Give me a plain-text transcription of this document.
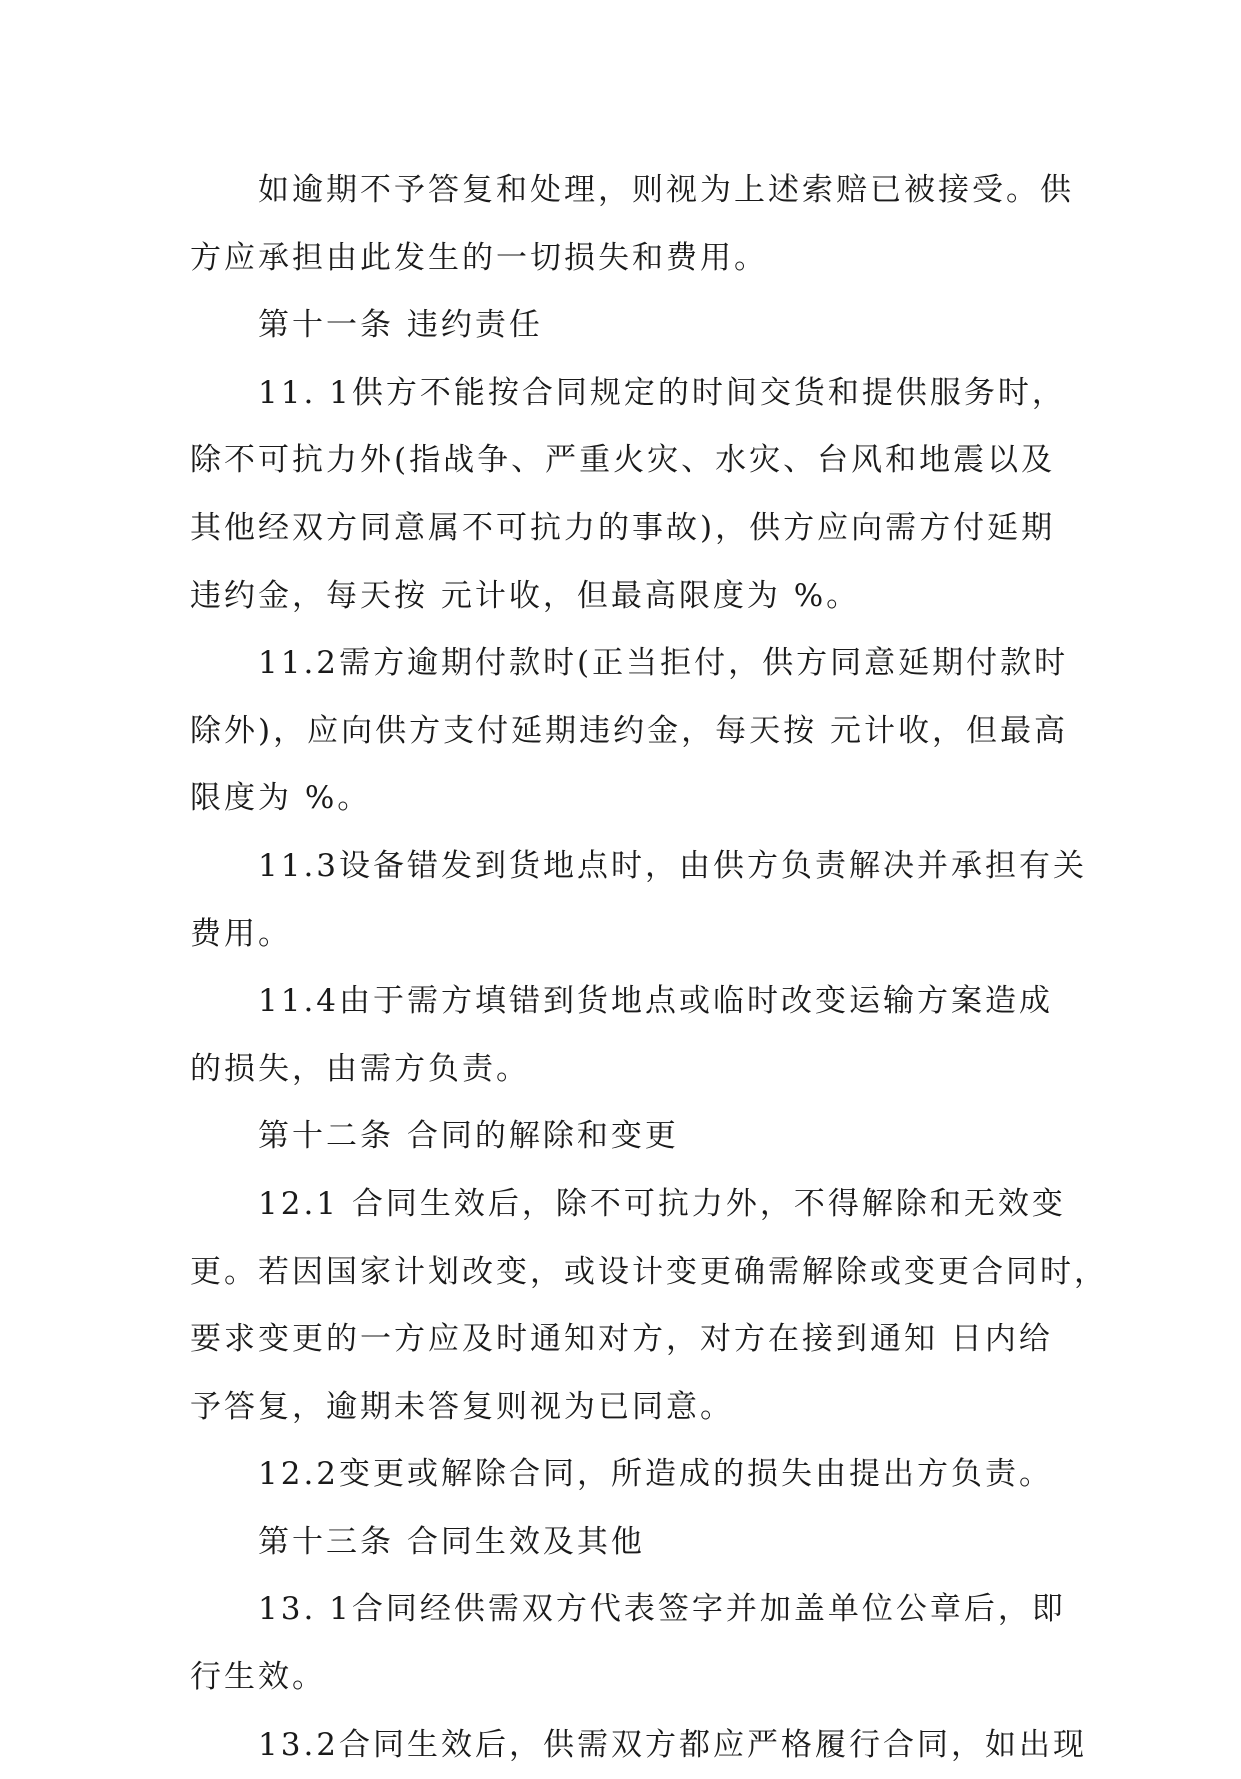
如逾期不予答复和处理，则视为上述索赔已被接受。供
方应承担由此发生的一切损失和费用。
第十一条 违约责任
11. 1供方不能按合同规定的时间交货和提供服务时，
除不可抗力外(指战争、严重火灾、水灾、台风和地震以及
其他经双方同意属不可抗力的事故)，供方应向需方付延期
违约金，每天按 元计收，但最高限度为 %。
11.2需方逾期付款时(正当拒付，供方同意延期付款时
除外)，应向供方支付延期违约金，每天按 元计收，但最高
限度为 %。
11.3设备错发到货地点时，由供方负责解决并承担有关
费用。
11.4由于需方填错到货地点或临时改变运输方案造成
的损失，由需方负责。
第十二条 合同的解除和变更
12.1 合同生效后，除不可抗力外，不得解除和无效变
更。若因国家计划改变，或设计变更确需解除或变更合同时，
要求变更的一方应及时通知对方，对方在接到通知 日内给
予答复，逾期未答复则视为已同意。
12.2变更或解除合同，所造成的损失由提出方负责。
第十三条 合同生效及其他
13. 1合同经供需双方代表签字并加盖单位公章后，即
行生效。
13.2合同生效后，供需双方都应严格履行合同，如出现
